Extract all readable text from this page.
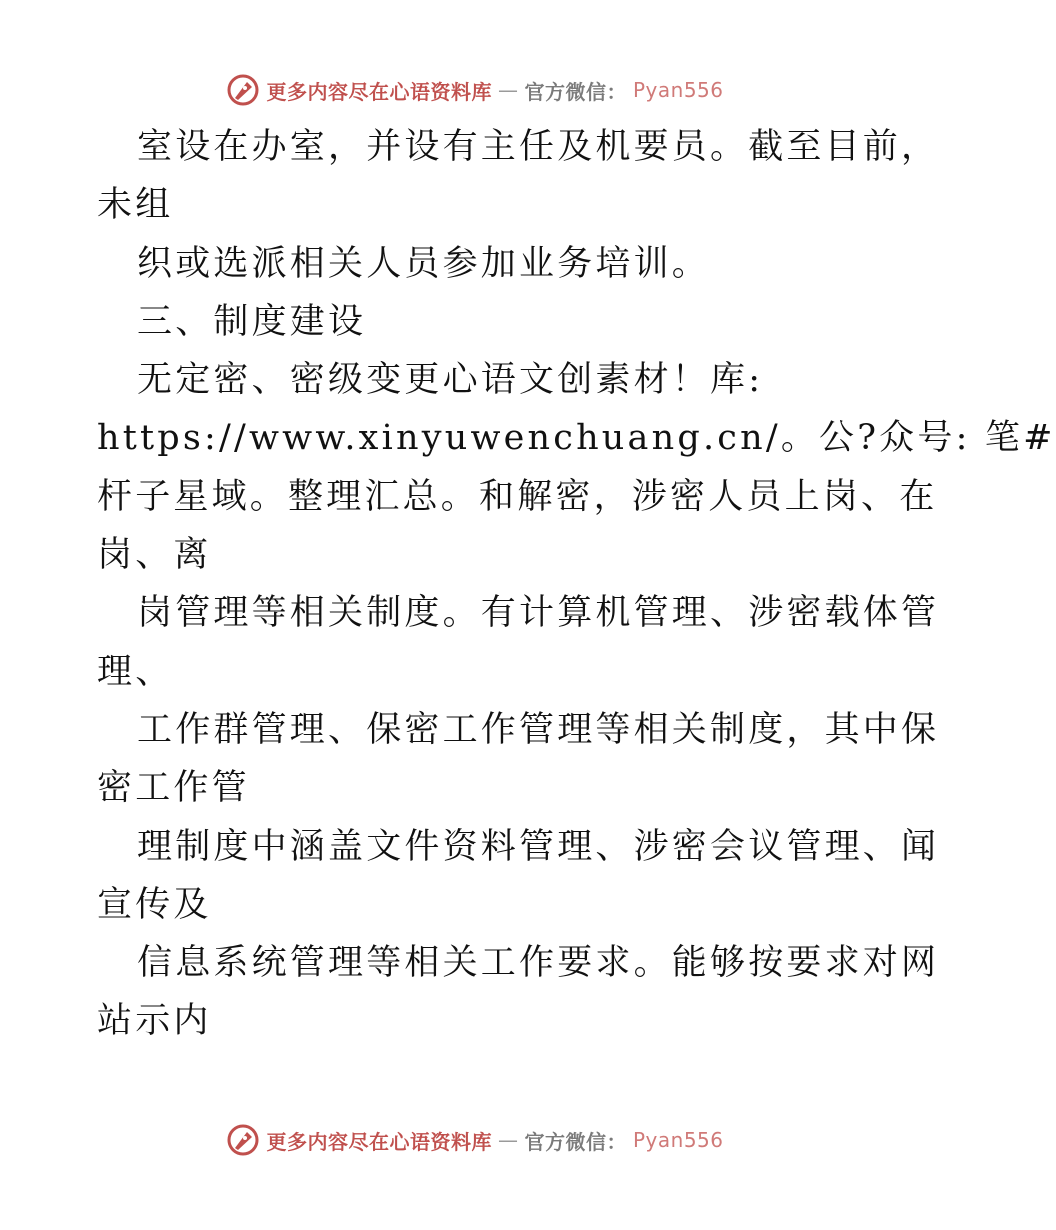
更多内容尽在心语资料库 — 官方微信： Pyan556
室设在办室，并设有主任及机要员。截至目前，
未组
织或选派相关人员参加业务培训。
三、制度建设
无定密、密级变更心语文创素材！库:
https://www.xinyuwenchuang.cn/。公?众号: 笔#
杆子星域。整理汇总。和解密，涉密人员上岗、在
岗、离
岗管理等相关制度。有计算机管理、涉密载体管
理、
工作群管理、保密工作管理等相关制度，其中保
密工作管
理制度中涵盖文件资料管理、涉密会议管理、闻
宣传及
信息系统管理等相关工作要求。能够按要求对网
站示内
更多内容尽在心语资料库 — 官方微信： Pyan556
